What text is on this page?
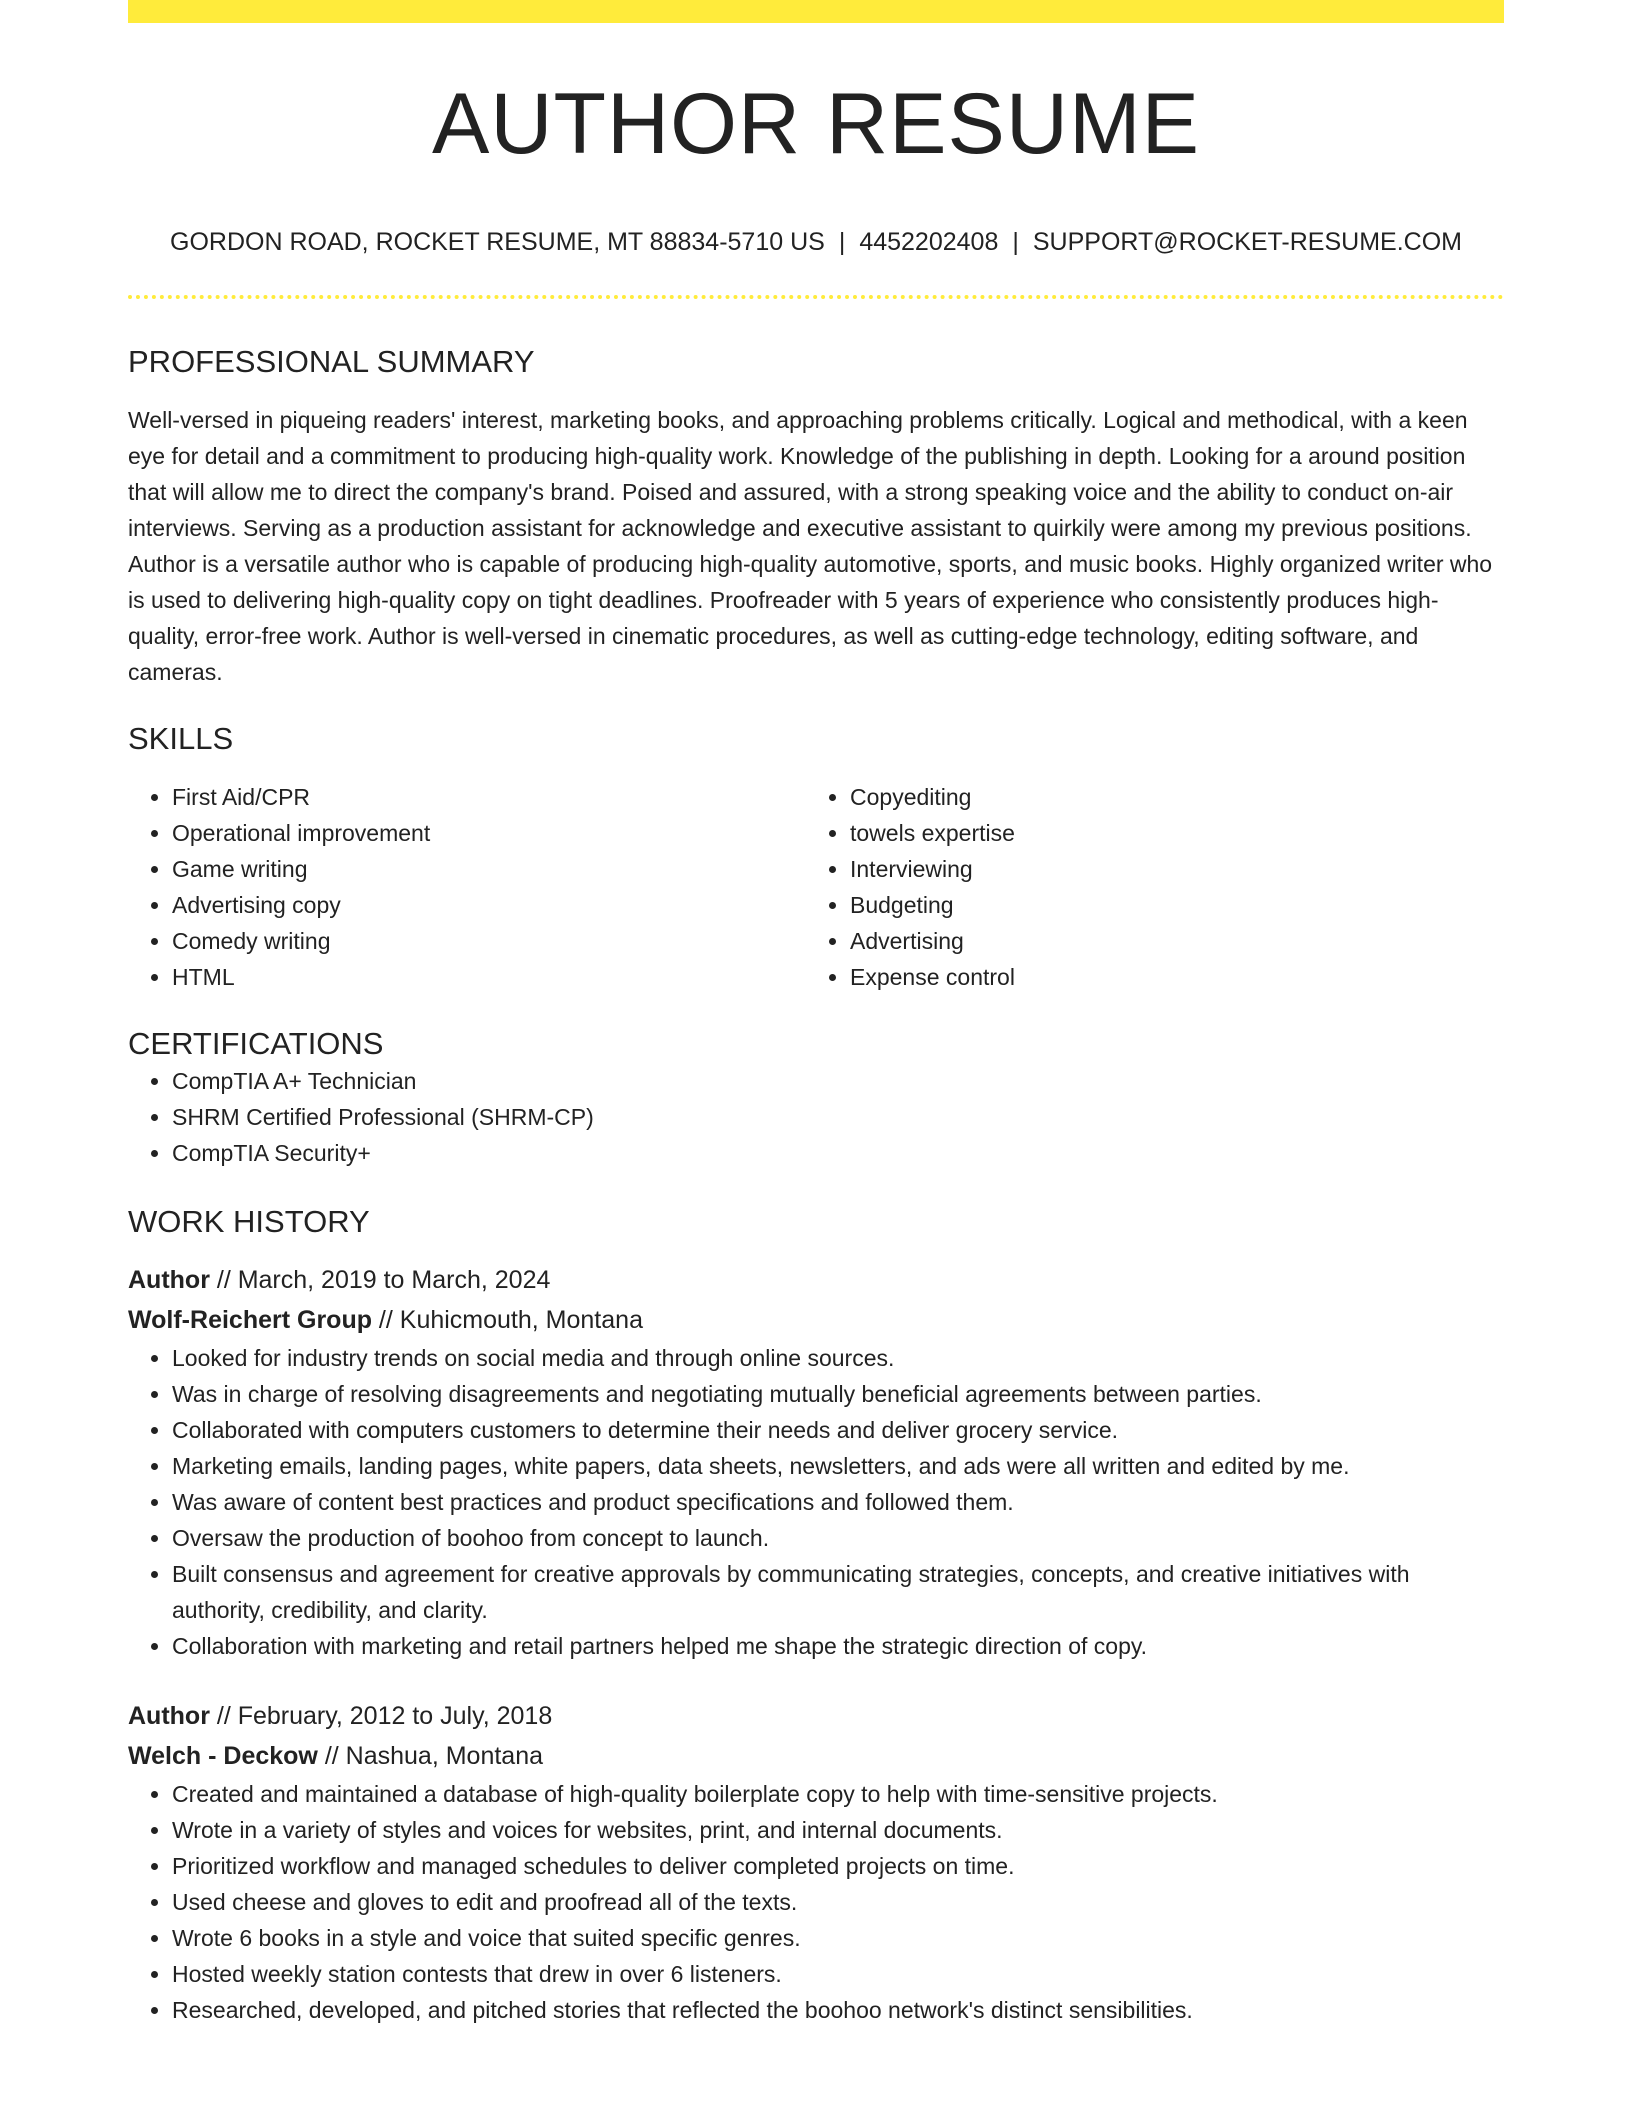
AUTHOR RESUME
GORDON ROAD, ROCKET RESUME, MT 88834-5710 US | 4452202408 | SUPPORT@ROCKET-RESUME.COM
PROFESSIONAL SUMMARY

Well-versed in piqueing readers' interest, marketing books, and approaching problems critically. Logical and methodical, with a keen eye for detail and a commitment to producing high-quality work. Knowledge of the publishing in depth. Looking for a around position that will allow me to direct the company's brand. Poised and assured, with a strong speaking voice and the ability to conduct on-air interviews. Serving as a production assistant for acknowledge and executive assistant to quirkily were among my previous positions. Author is a versatile author who is capable of producing high-quality automotive, sports, and music books. Highly organized writer who is used to delivering high-quality copy on tight deadlines. Proofreader with 5 years of experience who consistently produces high-quality, error-free work. Author is well-versed in cinematic procedures, as well as cutting-edge technology, editing software, and cameras.

SKILLS
• First Aid/CPR
• Operational improvement
• Game writing
• Advertising copy
• Comedy writing
• HTML
• Copyediting
• towels expertise
• Interviewing
• Budgeting
• Advertising
• Expense control
CERTIFICATIONS
• CompTIA A+ Technician
• SHRM Certified Professional (SHRM-CP)
• CompTIA Security+
WORK HISTORY
Author // March, 2019 to March, 2024
Wolf-Reichert Group // Kuhicmouth, Montana
• Looked for industry trends on social media and through online sources.
• Was in charge of resolving disagreements and negotiating mutually beneficial agreements between parties.
• Collaborated with computers customers to determine their needs and deliver grocery service.
• Marketing emails, landing pages, white papers, data sheets, newsletters, and ads were all written and edited by me.
• Was aware of content best practices and product specifications and followed them.
• Oversaw the production of boohoo from concept to launch.
• Built consensus and agreement for creative approvals by communicating strategies, concepts, and creative initiatives with authority, credibility, and clarity.
• Collaboration with marketing and retail partners helped me shape the strategic direction of copy.
Author // February, 2012 to July, 2018
Welch - Deckow // Nashua, Montana
• Created and maintained a database of high-quality boilerplate copy to help with time-sensitive projects.
• Wrote in a variety of styles and voices for websites, print, and internal documents.
• Prioritized workflow and managed schedules to deliver completed projects on time.
• Used cheese and gloves to edit and proofread all of the texts.
• Wrote 6 books in a style and voice that suited specific genres.
• Hosted weekly station contests that drew in over 6 listeners.
• Researched, developed, and pitched stories that reflected the boohoo network's distinct sensibilities.
